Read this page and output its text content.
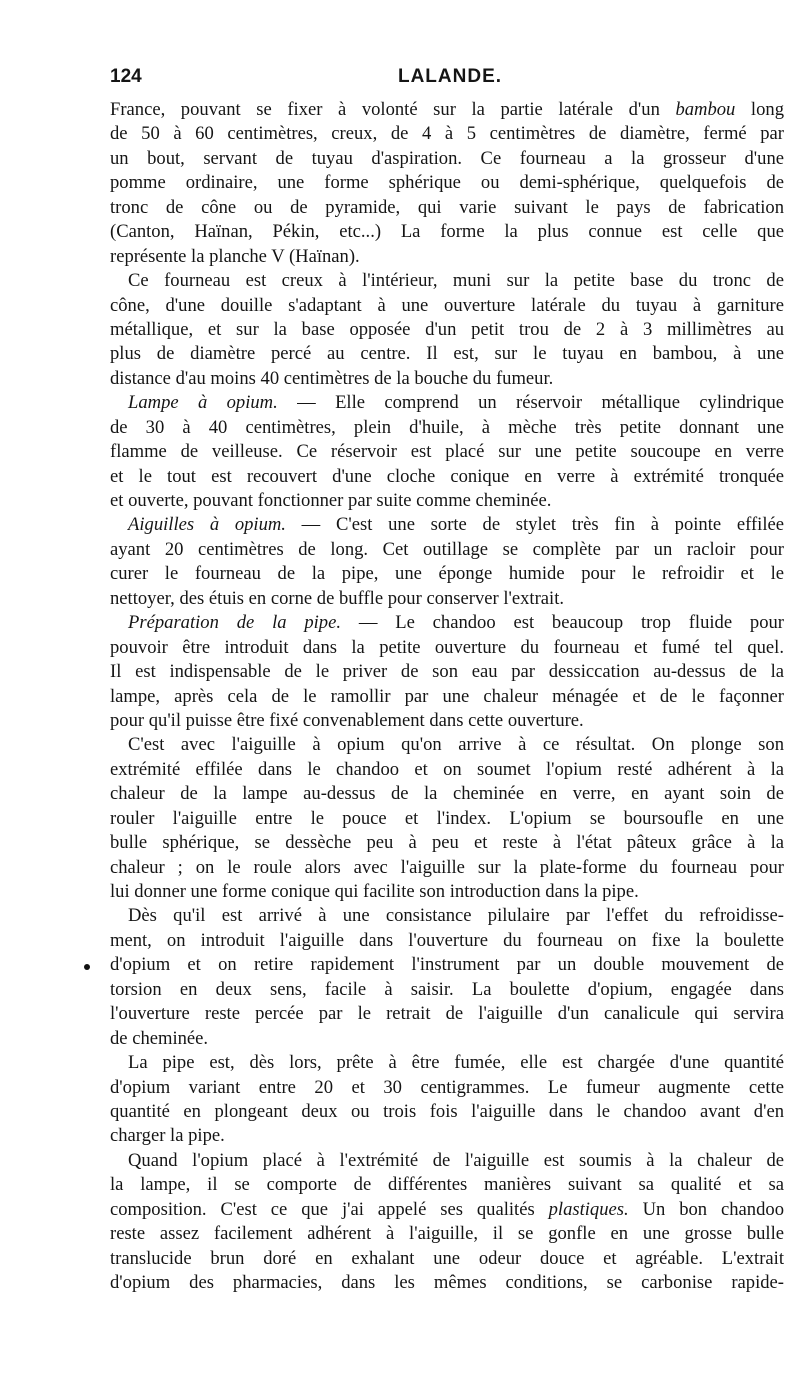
124	LALANDE.
France, pouvant se fixer à volonté sur la partie latérale d'un bambou long
de 50 à 60 centimètres, creux, de 4 à 5 centimètres de diamètre, fermé par
un bout, servant de tuyau d'aspiration. Ce fourneau a la grosseur d'une
pomme ordinaire, une forme sphérique ou demi-sphérique, quelquefois de
tronc de cône ou de pyramide, qui varie suivant le pays de fabrication
(Canton, Haïnan, Pékin, etc...) La forme la plus connue est celle que
représente la planche V (Haïnan).
Ce fourneau est creux à l'intérieur, muni sur la petite base du tronc de
cône, d'une douille s'adaptant à une ouverture latérale du tuyau à garniture
métallique, et sur la base opposée d'un petit trou de 2 à 3 millimètres au
plus de diamètre percé au centre. Il est, sur le tuyau en bambou, à une
distance d'au moins 40 centimètres de la bouche du fumeur.
Lampe à opium. — Elle comprend un réservoir métallique cylindrique
de 30 à 40 centimètres, plein d'huile, à mèche très petite donnant une
flamme de veilleuse. Ce réservoir est placé sur une petite soucoupe en verre
et le tout est recouvert d'une cloche conique en verre à extrémité tronquée
et ouverte, pouvant fonctionner par suite comme cheminée.
Aiguilles à opium. — C'est une sorte de stylet très fin à pointe effilée
ayant 20 centimètres de long. Cet outillage se complète par un racloir pour
curer le fourneau de la pipe, une éponge humide pour le refroidir et le
nettoyer, des étuis en corne de buffle pour conserver l'extrait.
Préparation de la pipe. — Le chandoo est beaucoup trop fluide pour
pouvoir être introduit dans la petite ouverture du fourneau et fumé tel quel.
Il est indispensable de le priver de son eau par dessiccation au-dessus de la
lampe, après cela de le ramollir par une chaleur ménagée et de le façonner
pour qu'il puisse être fixé convenablement dans cette ouverture.
C'est avec l'aiguille à opium qu'on arrive à ce résultat. On plonge son
extrémité effilée dans le chandoo et on soumet l'opium resté adhérent à la
chaleur de la lampe au-dessus de la cheminée en verre, en ayant soin de
rouler l'aiguille entre le pouce et l'index. L'opium se boursoufle en une
bulle sphérique, se dessèche peu à peu et reste à l'état pâteux grâce à la
chaleur ; on le roule alors avec l'aiguille sur la plate-forme du fourneau pour
lui donner une forme conique qui facilite son introduction dans la pipe.
Dès qu'il est arrivé à une consistance pilulaire par l'effet du refroidisse-
ment, on introduit l'aiguille dans l'ouverture du fourneau on fixe la boulette
d'opium et on retire rapidement l'instrument par un double mouvement de
torsion en deux sens, facile à saisir. La boulette d'opium, engagée dans
l'ouverture reste percée par le retrait de l'aiguille d'un canalicule qui servira
de cheminée.
La pipe est, dès lors, prête à être fumée, elle est chargée d'une quantité
d'opium variant entre 20 et 30 centigrammes. Le fumeur augmente cette
quantité en plongeant deux ou trois fois l'aiguille dans le chandoo avant d'en
charger la pipe.
Quand l'opium placé à l'extrémité de l'aiguille est soumis à la chaleur de
la lampe, il se comporte de différentes manières suivant sa qualité et sa
composition. C'est ce que j'ai appelé ses qualités plastiques. Un bon chandoo
reste assez facilement adhérent à l'aiguille, il se gonfle en une grosse bulle
translucide brun doré en exhalant une odeur douce et agréable. L'extrait
d'opium des pharmacies, dans les mêmes conditions, se carbonise rapide-
